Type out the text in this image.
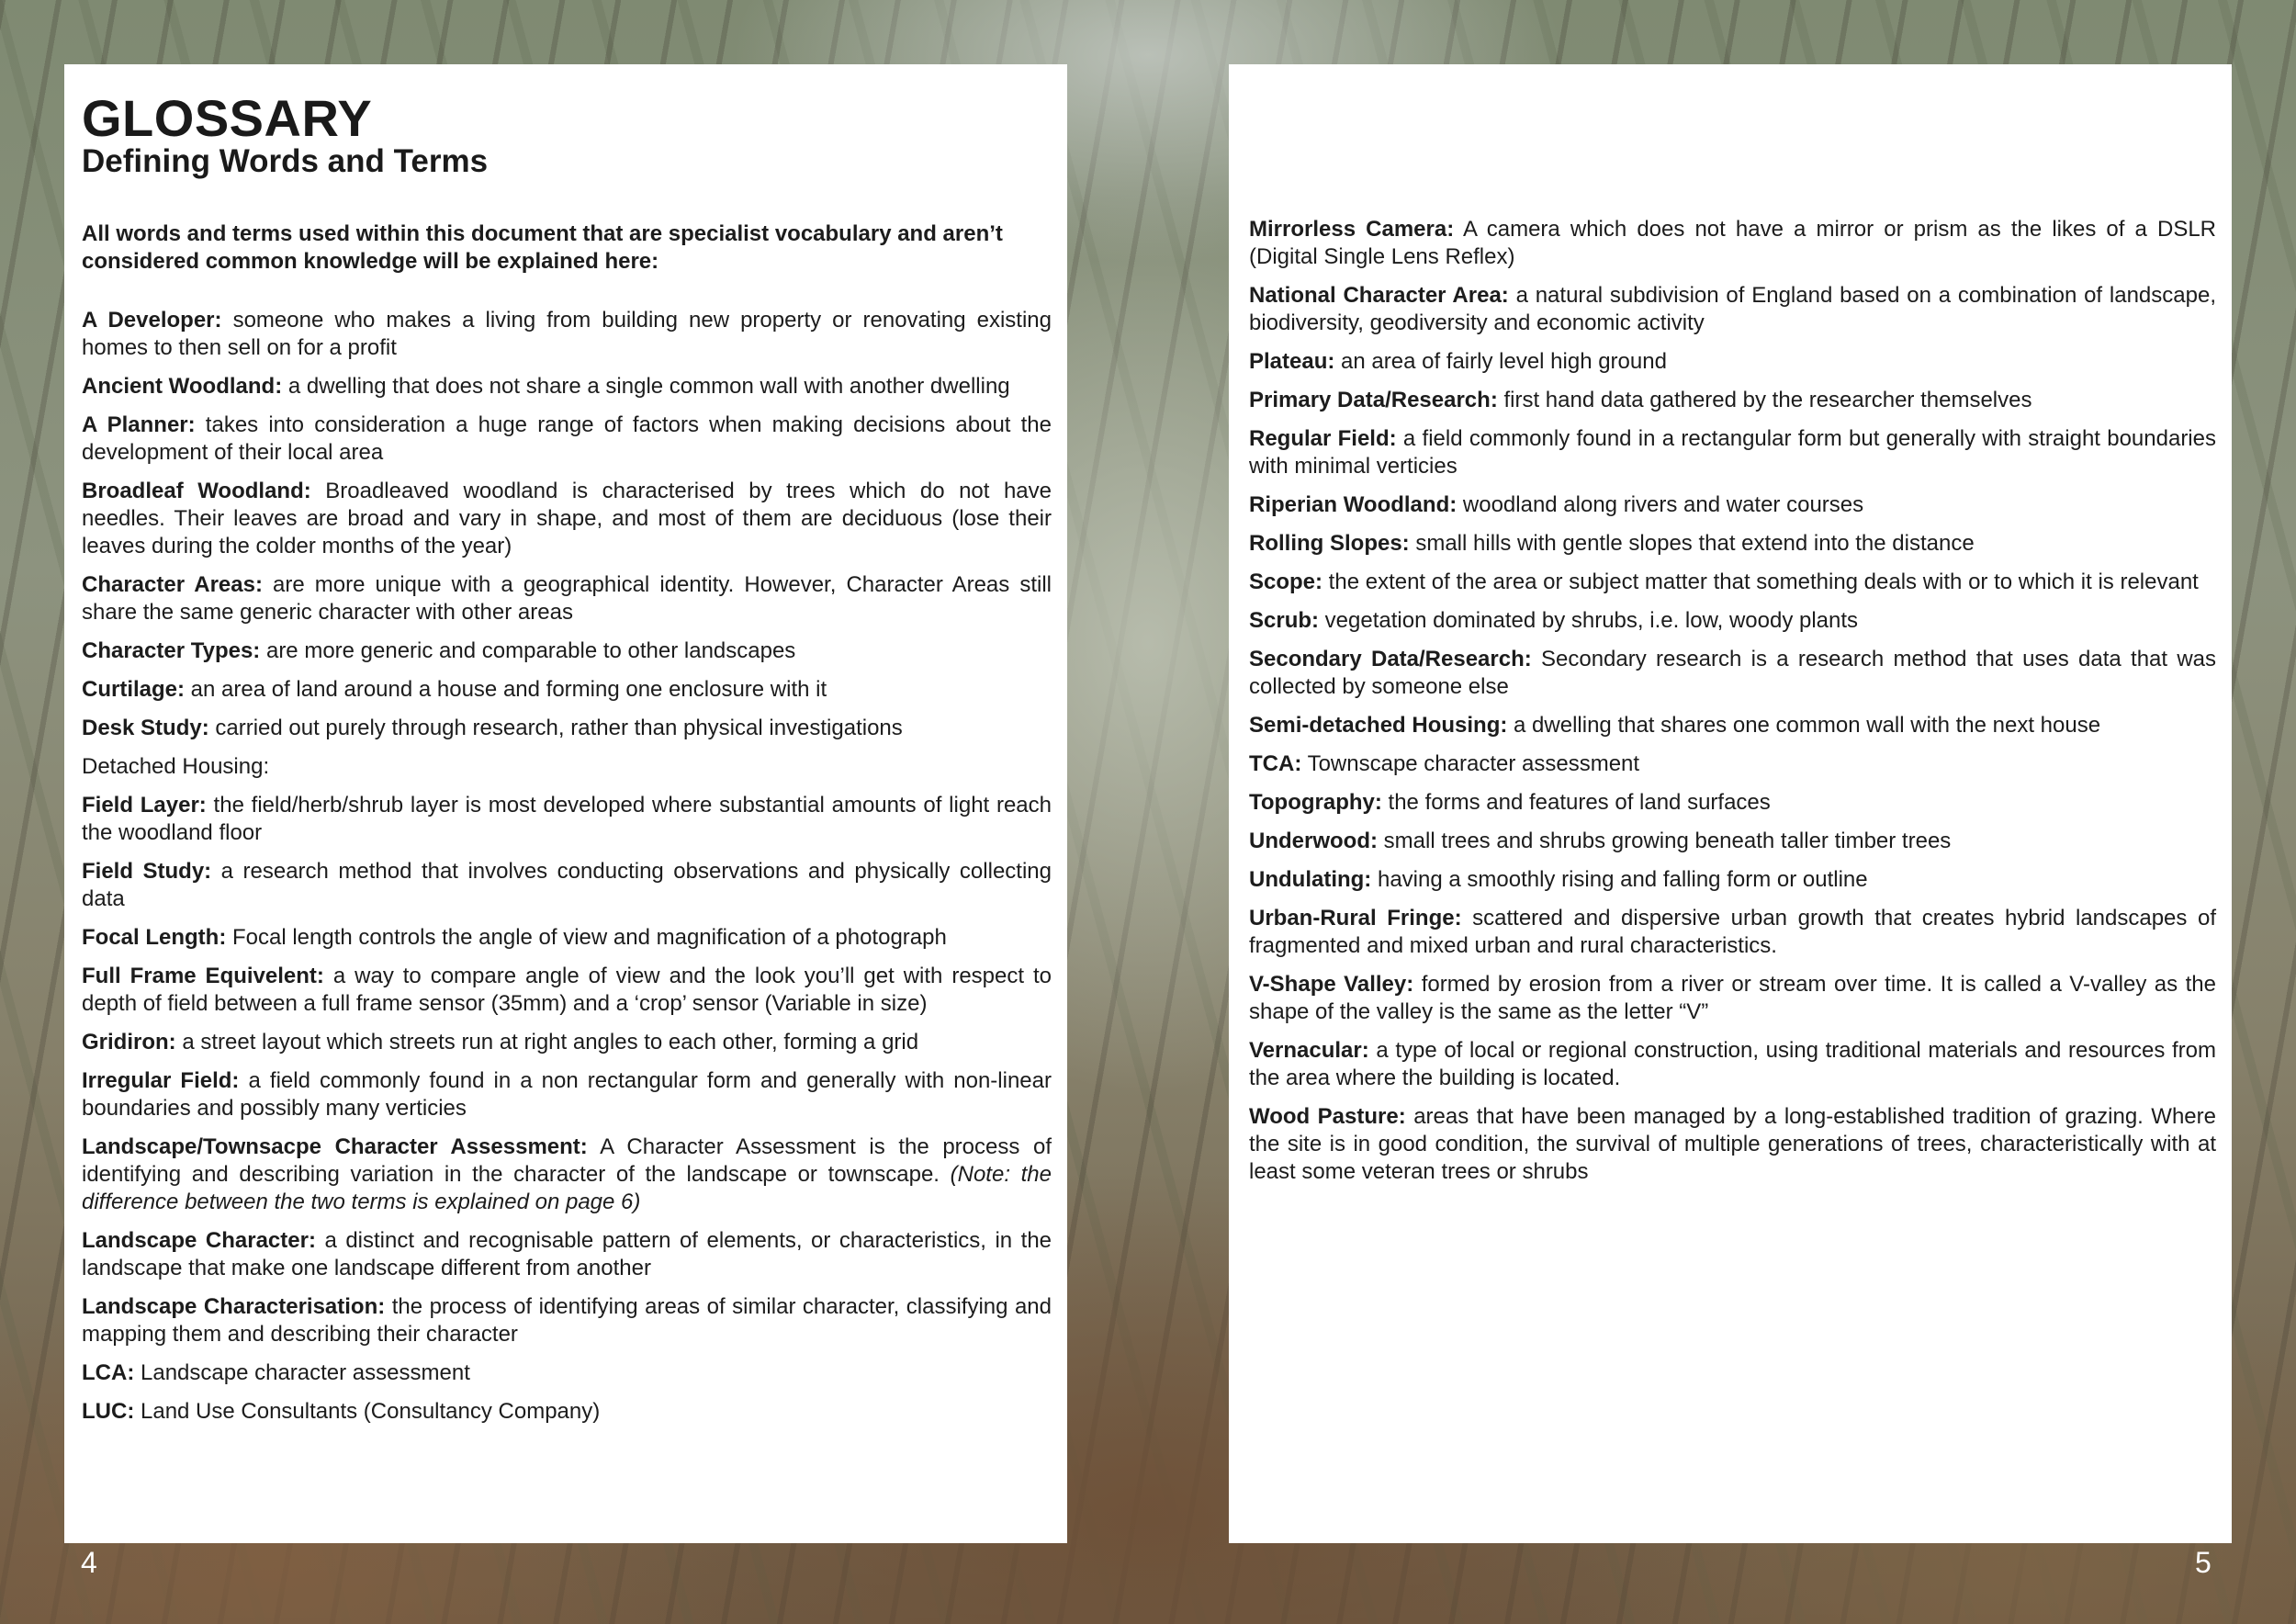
GLOSSARY
Defining Words and Terms

All words and terms used within this document that are specialist vocabulary and aren’t considered common knowledge will be explained here:

A Developer: someone who makes a living from building new property or renovating existing homes to then sell on for a profit

Ancient Woodland: a dwelling that does not share a single common wall with another dwelling

A Planner: takes into consideration a huge range of factors when making decisions about the development of their local area

Broadleaf Woodland: Broadleaved woodland is characterised by trees which do not have needles. Their leaves are broad and vary in shape, and most of them are deciduous (lose their leaves during the colder months of the year)

Character Areas: are more unique with a geographical identity. However, Character Areas still share the same generic character with other areas

Character Types: are more generic and comparable to other landscapes

Curtilage: an area of land around a house and forming one enclosure with it

Desk Study: carried out purely through research, rather than physical investigations

Detached Housing:

Field Layer: the field/herb/shrub layer is most developed where substantial amounts of light reach the woodland floor

Field Study: a research method that involves conducting observations and physically collecting data

Focal Length: Focal length controls the angle of view and magnification of a photograph

Full Frame Equivelent: a way to compare angle of view and the look you’ll get with respect to depth of field between a full frame sensor (35mm) and a ‘crop’ sensor (Variable in size)

Gridiron: a street layout which streets run at right angles to each other, forming a grid

Irregular Field: a field commonly found in a non rectangular form and generally with non-linear boundaries and possibly many verticies

Landscape/Townsacpe Character Assessment: A Character Assessment is the process of identifying and describing variation in the character of the landscape or townscape. (Note: the difference between the two terms is explained on page 6)

Landscape Character: a distinct and recognisable pattern of elements, or characteristics, in the landscape that make one landscape different from another

Landscape Characterisation: the process of identifying areas of similar character, classifying and mapping them and describing their character

LCA: Landscape character assessment

LUC: Land Use Consultants (Consultancy Company)

4

Mirrorless Camera: A camera which does not have a mirror or prism as the likes of a DSLR (Digital Single Lens Reflex)

National Character Area: a natural subdivision of England based on a combination of landscape, biodiversity, geodiversity and economic activity

Plateau: an area of fairly level high ground

Primary Data/Research: first hand data gathered by the researcher themselves

Regular Field: a field commonly found in a rectangular form but generally with straight boundaries with minimal verticies

Riperian Woodland: woodland along rivers and water courses

Rolling Slopes: small hills with gentle slopes that extend into the distance

Scope: the extent of the area or subject matter that something deals with or to which it is relevant

Scrub: vegetation dominated by shrubs, i.e. low, woody plants

Secondary Data/Research: Secondary research is a research method that uses data that was collected by someone else

Semi-detached Housing: a dwelling that shares one common wall with the next house

TCA: Townscape character assessment

Topography: the forms and features of land surfaces

Underwood: small trees and shrubs growing beneath taller timber trees

Undulating: having a smoothly rising and falling form or outline

Urban-Rural Fringe: scattered and dispersive urban growth that creates hybrid landscapes of fragmented and mixed urban and rural characteristics.

V-Shape Valley: formed by erosion from a river or stream over time. It is called a V-valley as the shape of the valley is the same as the letter “V”

Vernacular: a type of local or regional construction, using traditional materials and resources from the area where the building is located.

Wood Pasture: areas that have been managed by a long-established tradition of grazing. Where the site is in good condition, the survival of multiple generations of trees, characteristically with at least some veteran trees or shrubs

5
